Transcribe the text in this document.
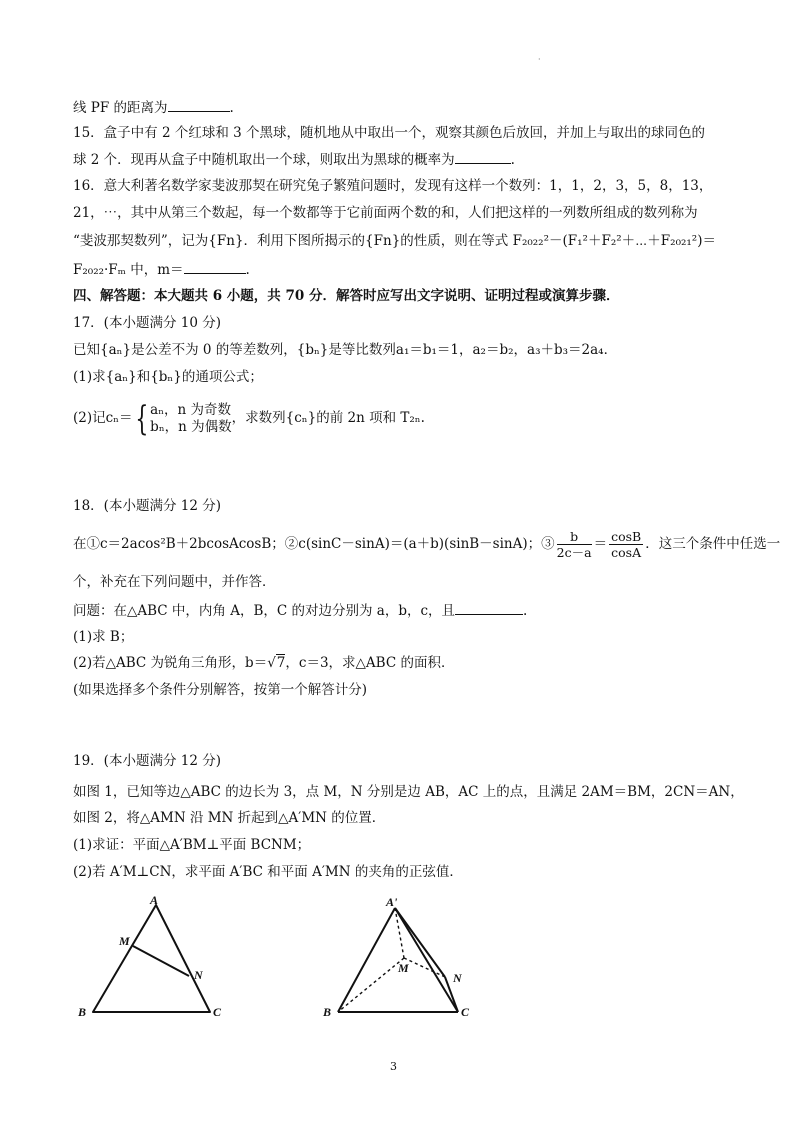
·
线 PF 的距离为	.
15．盒子中有 2 个红球和 3 个黑球，随机地从中取出一个，观察其颜色后放回，并加上与取出的球同色的
球 2 个．现再从盒子中随机取出一个球，则取出为黑球的概率为	.
16．意大利著名数学家斐波那契在研究兔子繁殖问题时，发现有这样一个数列：1，1，2，3，5，8，13，
21，⋯，其中从第三个数起，每一个数都等于它前面两个数的和，人们把这样的一列数所组成的数列称为
“斐波那契数列”，记为{Fn}．利用下图所揭示的{Fn}的性质，则在等式 F₂₀₂₂²－(F₁²＋F₂²＋⋯＋F₂₀₂₁²)＝
F₂₀₂₂·Fₘ 中，m＝	.
四、解答题：本大题共 6 小题，共 70 分．解答时应写出文字说明、证明过程或演算步骤．
17．(本小题满分 10 分)
已知{aₙ}是公差不为 0 的等差数列，{bₙ}是等比数列a₁＝b₁＝1，a₂＝b₂，a₃＋b₃＝2a₄．
(1)求{aₙ}和{bₙ}的通项公式；
(2)记cₙ＝{ aₙ，n 为奇数
bₙ，n 为偶数，求数列{cₙ}的前 2n 项和 T₂ₙ.
18．(本小题满分 12 分)
在①c＝2acos²B＋2bcosAcosB；②c(sinC－sinA)＝(a＋b)(sinB－sinA)；③ $\frac{b}{2c-a} = \frac{\cos B}{\cos A}$ ．这三个条件中任选一
个，补充在下列问题中，并作答．
问题：在△ABC 中，内角 A，B，C 的对边分别为 a，b，c，且	.
(1)求 B；
(2)若△ABC 为锐角三角形，b＝√7，c＝3，求△ABC 的面积．
(如果选择多个条件分别解答，按第一个解答计分)
19．(本小题满分 12 分)
如图 1，已知等边△ABC 的边长为 3，点 M，N 分别是边 AB，AC 上的点，且满足 2AM＝BM，2CN＝AN，
如图 2，将△AMN 沿 MN 折起到△A′MN 的位置．
(1)求证：平面△A′BM⊥平面 BCNM；
(2)若 A′M⊥CN，求平面 A′BC 和平面 A′MN 的夹角的正弦值．
A
M
N
B	C
A'
M
N
B	C
3
